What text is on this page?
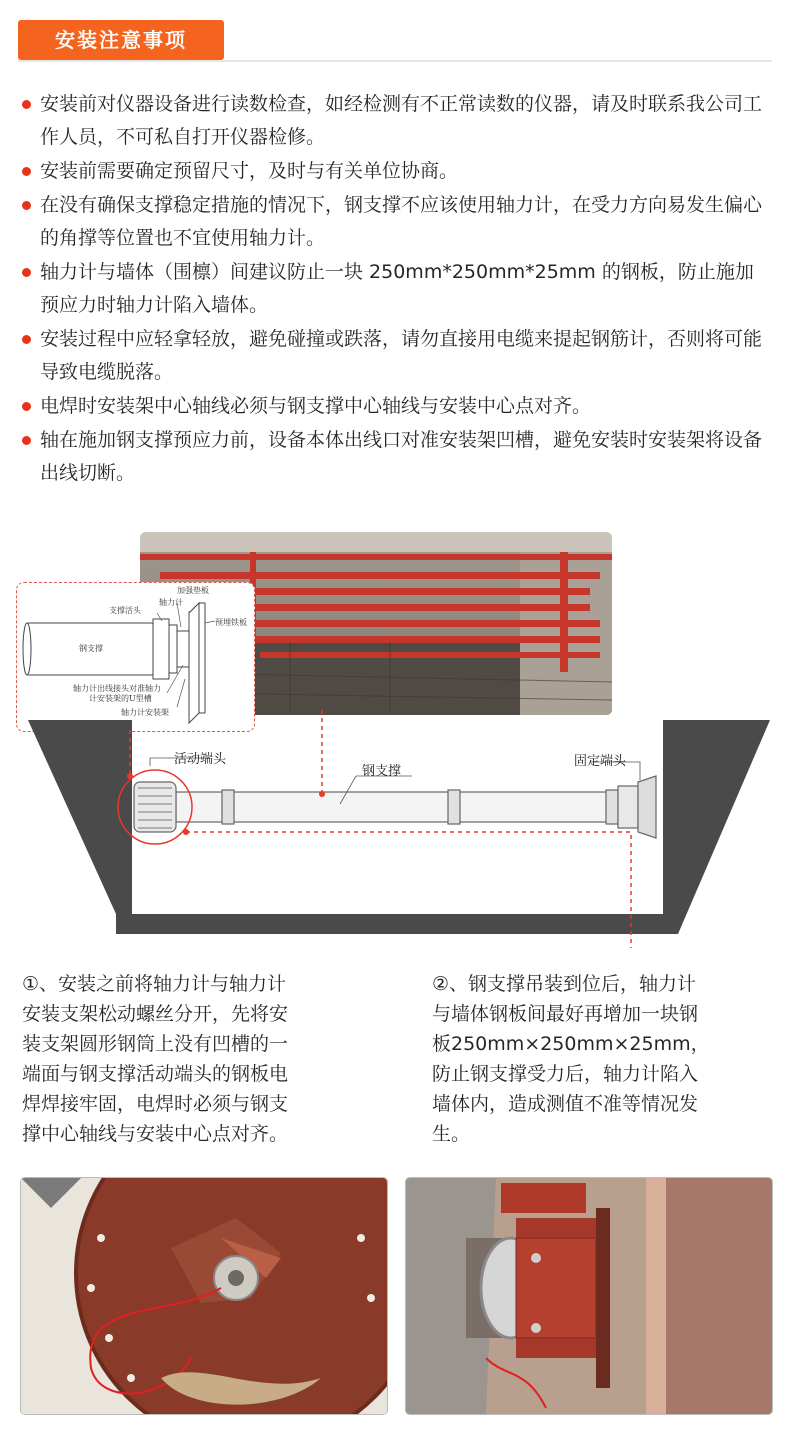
安装注意事项
安装前对仪器设备进行读数检查，如经检测有不正常读数的仪器，请及时联系我公司工作人员，不可私自打开仪器检修。
安装前需要确定预留尺寸，及时与有关单位协商。
在没有确保支撑稳定措施的情况下，钢支撑不应该使用轴力计，在受力方向易发生偏心的角撑等位置也不宜使用轴力计。
轴力计与墙体（围檩）间建议防止一块 250mm*250mm*25mm 的钢板，防止施加预应力时轴力计陷入墙体。
安装过程中应轻拿轻放，避免碰撞或跌落，请勿直接用电缆来提起钢筋计，否则将可能导致电缆脱落。
电焊时安装架中心轴线必须与钢支撑中心轴线与安装中心点对齐。
轴在施加钢支撑预应力前，设备本体出线口对准安装架凹槽，避免安装时安装架将设备出线切断。
钢支撑
支撑活头
加强垫板
轴力计
预埋铁板
轴力计出线接头对准轴力
计安装架的U型槽
轴力计安装架
活动端头
钢支撑
固定端头
①、安装之前将轴力计与轴力计
安装支架松动螺丝分开，先将安
装支架圆形钢筒上没有凹槽的一
端面与钢支撑活动端头的钢板电
焊焊接牢固，电焊时必须与钢支
撑中心轴线与安装中心点对齐。
②、钢支撑吊装到位后，轴力计
与墙体钢板间最好再增加一块钢
板250mm×250mm×25mm，
防止钢支撑受力后，轴力计陷入
墙体内，造成测值不准等情况发
生。
